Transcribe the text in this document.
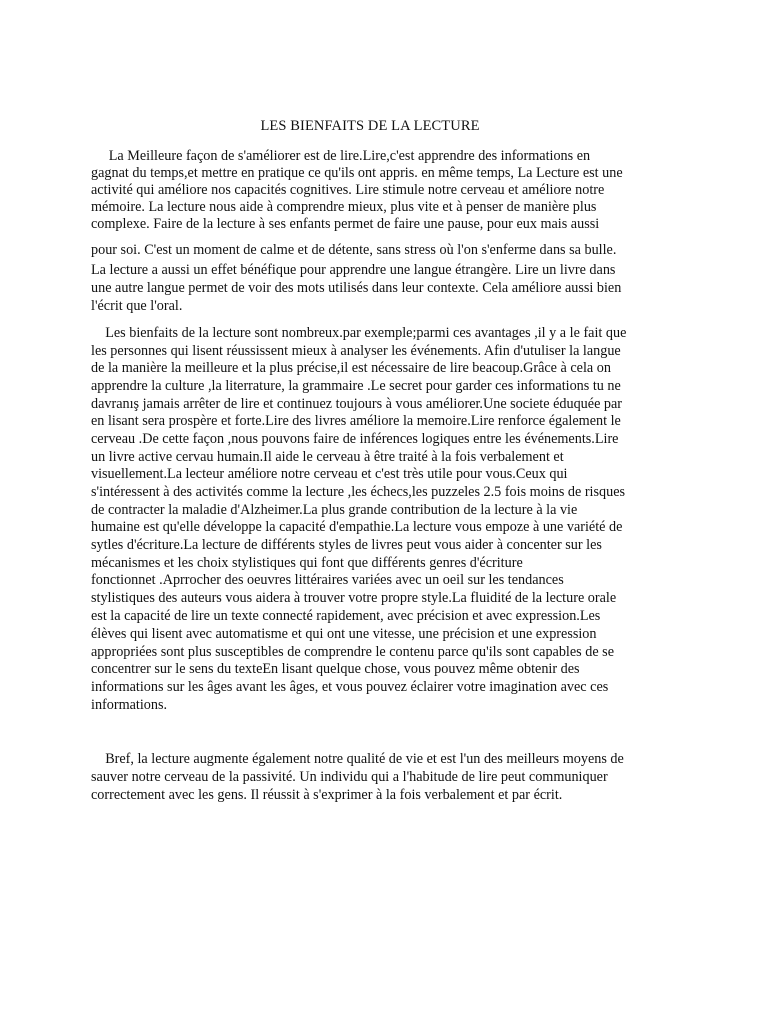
LES BIENFAITS DE LA LECTURE
La Meilleure façon de s'améliorer est de lire.Lire,c'est apprendre des informations en
gagnat du temps,et mettre en pratique ce qu'ils ont appris. en même temps, La Lecture est une
activité qui améliore nos capacités cognitives. Lire stimule notre cerveau et améliore notre
mémoire. La lecture nous aide à comprendre mieux, plus vite et à penser de manière plus
complexe. Faire de la lecture à ses enfants permet de faire une pause, pour eux mais aussi
pour soi. C'est un moment de calme et de détente, sans stress où l'on s'enferme dans sa bulle.
La lecture a aussi un effet bénéfique pour apprendre une langue étrangère. Lire un livre dans
une autre langue permet de voir des mots utilisés dans leur contexte. Cela améliore aussi bien
l'écrit que l'oral.
Les bienfaits de la lecture sont nombreux.par exemple;parmi ces avantages ,il y a le fait que
les personnes qui lisent réussissent mieux à analyser les événements. Afin d'utuliser la langue
de la manière la meilleure et la plus précise,il est nécessaire de lire beacoup.Grâce à cela on
apprendre la culture ,la literrature, la grammaire .Le secret pour garder ces informations tu ne
davranış jamais arrêter de lire et continuez toujours à vous améliorer.Une societe éduquée par
en lisant sera prospère et forte.Lire des livres améliore la memoire.Lire renforce également le
cerveau .De cette façon ,nous pouvons faire de inférences logiques entre les événements.Lire
un livre active cervau humain.Il aide le cerveau à être traité à la fois verbalement et
visuellement.La lecteur améliore notre cerveau et c'est très utile pour vous.Ceux qui
s'intéressent à des activités comme la lecture ,les échecs,les puzzeles 2.5 fois moins de risques
de contracter la maladie d'Alzheimer.La plus grande contribution de la lecture à la vie
humaine est qu'elle développe la capacité d'empathie.La lecture vous empoze à une variété de
sytles d'écriture.La lecture de différents styles de livres peut vous aider à concenter sur les
mécanismes et les choix stylistiques qui font que différents genres d'écriture
fonctionnet .Aprrocher des oeuvres littéraires variées avec un oeil sur les tendances
stylistiques des auteurs vous aidera à trouver votre propre style.La fluidité de la lecture orale
est la capacité de lire un texte connecté rapidement, avec précision et avec expression.Les
élèves qui lisent avec automatisme et qui ont une vitesse, une précision et une expression
appropriées sont plus susceptibles de comprendre le contenu parce qu'ils sont capables de se
concentrer sur le sens du texteEn lisant quelque chose, vous pouvez même obtenir des
informations sur les âges avant les âges, et vous pouvez éclairer votre imagination avec ces
informations.
Bref, la lecture augmente également notre qualité de vie et est l'un des meilleurs moyens de
sauver notre cerveau de la passivité. Un individu qui a l'habitude de lire peut communiquer
correctement avec les gens. Il réussit à s'exprimer à la fois verbalement et par écrit.
